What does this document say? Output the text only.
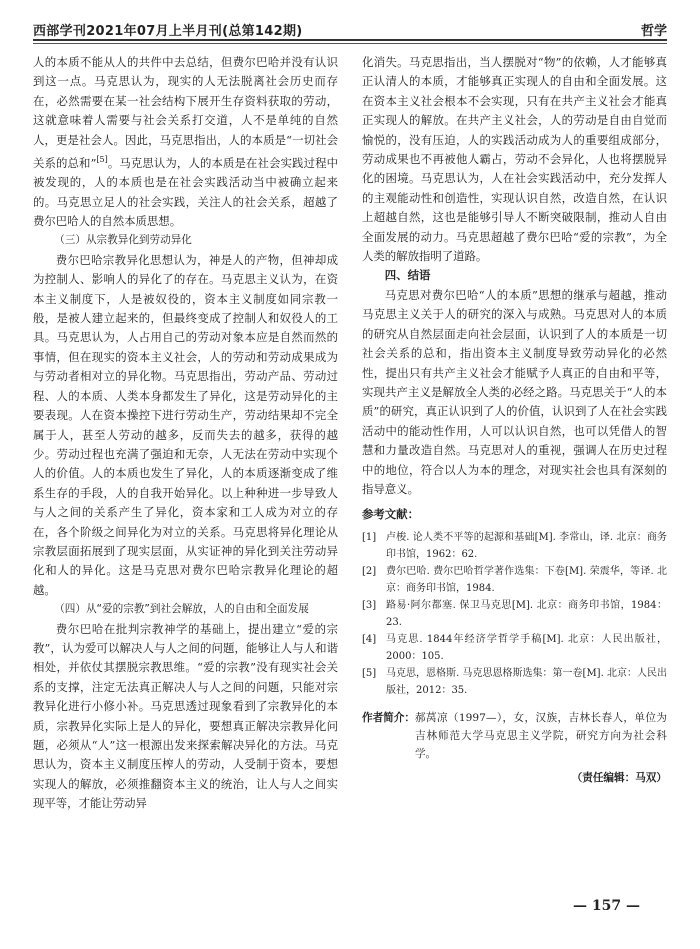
西部学刊2021年07月上半月刊(总第142期)	哲学

人的本质不能从人的共件中去总结，但费尔巴哈并没有认识到这一点。马克思认为，现实的人无法脱离社会历史而存在，必然需要在某一社会结构下展开生存资料获取的劳动，这就意味着人需要与社会关系打交道，人不是单纯的自然人，更是社会人。因此，马克思指出，人的本质是“一切社会关系的总和”[5]。马克思认为，人的本质是在社会实践过程中被发现的，人的本质也是在社会实践活动当中被确立起来的。马克思立足人的社会实践，关注人的社会关系，超越了费尔巴哈人的自然本质思想。

（三）从宗教异化到劳动异化

费尔巴哈宗教异化思想认为，神是人的产物，但神却成为控制人、影响人的异化了的存在。马克思主义认为，在资本主义制度下，人是被奴役的，资本主义制度如同宗教一般，是被人建立起来的，但最终变成了控制人和奴役人的工具。马克思认为，人占用自己的劳动对象本应是自然而然的事情，但在现实的资本主义社会，人的劳动和劳动成果成为与劳动者相对立的异化物。马克思指出，劳动产品、劳动过程、人的本质、人类本身都发生了异化，这是劳动异化的主要表现。人在资本操控下进行劳动生产，劳动结果却不完全属于人，甚至人劳动的越多，反而失去的越多，获得的越少。劳动过程也充满了强迫和无奈，人无法在劳动中实现个人的价值。人的本质也发生了异化，人的本质逐渐变成了维系生存的手段，人的自我开始异化。以上种种进一步导致人与人之间的关系产生了异化，资本家和工人成为对立的存在，各个阶级之间异化为对立的关系。马克思将异化理论从宗教层面拓展到了现实层面，从实证神的异化到关注劳动异化和人的异化。这是马克思对费尔巴哈宗教异化理论的超越。

（四）从“爱的宗教”到社会解放，人的自由和全面发展

费尔巴哈在批判宗教神学的基础上，提出建立“爱的宗教”，认为爱可以解决人与人之间的问题，能够让人与人和谐相处，并依仗其摆脱宗教思维。“爱的宗教”没有现实社会关系的支撑，注定无法真正解决人与人之间的问题，只能对宗教异化进行小修小补。马克思透过现象看到了宗教异化的本质，宗教异化实际上是人的异化，要想真正解决宗教异化问题，必须从“人”这一根源出发来探索解决异化的方法。马克思认为，资本主义制度压榨人的劳动，人受制于资本，要想实现人的解放，必须推翻资本主义的统治，让人与人之间实现平等，才能让劳动异

化消失。马克思指出，当人摆脱对“物”的依赖，人才能够真正认清人的本质，才能够真正实现人的自由和全面发展。这在资本主义社会根本不会实现，只有在共产主义社会才能真正实现人的解放。在共产主义社会，人的劳动是自由自觉而愉悦的，没有压迫，人的实践活动成为人的重要组成部分，劳动成果也不再被他人霸占，劳动不会异化，人也将摆脱异化的困境。马克思认为，人在社会实践活动中，充分发挥人的主观能动性和创造性，实现认识自然，改造自然，在认识上超越自然，这也是能够引导人不断突破限制，推动人自由全面发展的动力。马克思超越了费尔巴哈“爱的宗教”，为全人类的解放指明了道路。

四、结语

马克思对费尔巴哈“人的本质”思想的继承与超越，推动马克思主义关于人的研究的深入与成熟。马克思对人的本质的研究从自然层面走向社会层面，认识到了人的本质是一切社会关系的总和，指出资本主义制度导致劳动异化的必然性，提出只有共产主义社会才能赋予人真正的自由和平等，实现共产主义是解放全人类的必经之路。马克思关于“人的本质”的研究，真正认识到了人的价值，认识到了人在社会实践活动中的能动性作用，人可以认识自然，也可以凭借人的智慧和力量改造自然。马克思对人的重视，强调人在历史过程中的地位，符合以人为本的理念，对现实社会也具有深刻的指导意义。

参考文献：
[1] 卢梭. 论人类不平等的起源和基础[M]. 李常山，译. 北京：商务印书馆，1962：62.
[2] 费尔巴哈. 费尔巴哈哲学著作选集：下卷[M]. 荣震华，等译. 北京：商务印书馆，1984.
[3] 路易·阿尔都塞. 保卫马克思[M]. 北京：商务印书馆，1984：23.
[4] 马克思. 1844年经济学哲学手稿[M]. 北京：人民出版社，2000：105.
[5] 马克思，恩格斯. 马克思恩格斯选集：第一卷[M]. 北京：人民出版社，2012：35.
作者简介： 郝莴凉（1997—），女，汉族，吉林长春人，单位为吉林师范大学马克思主义学院，研究方向为社会科学。
（责任编辑：马双）
— 157 —
